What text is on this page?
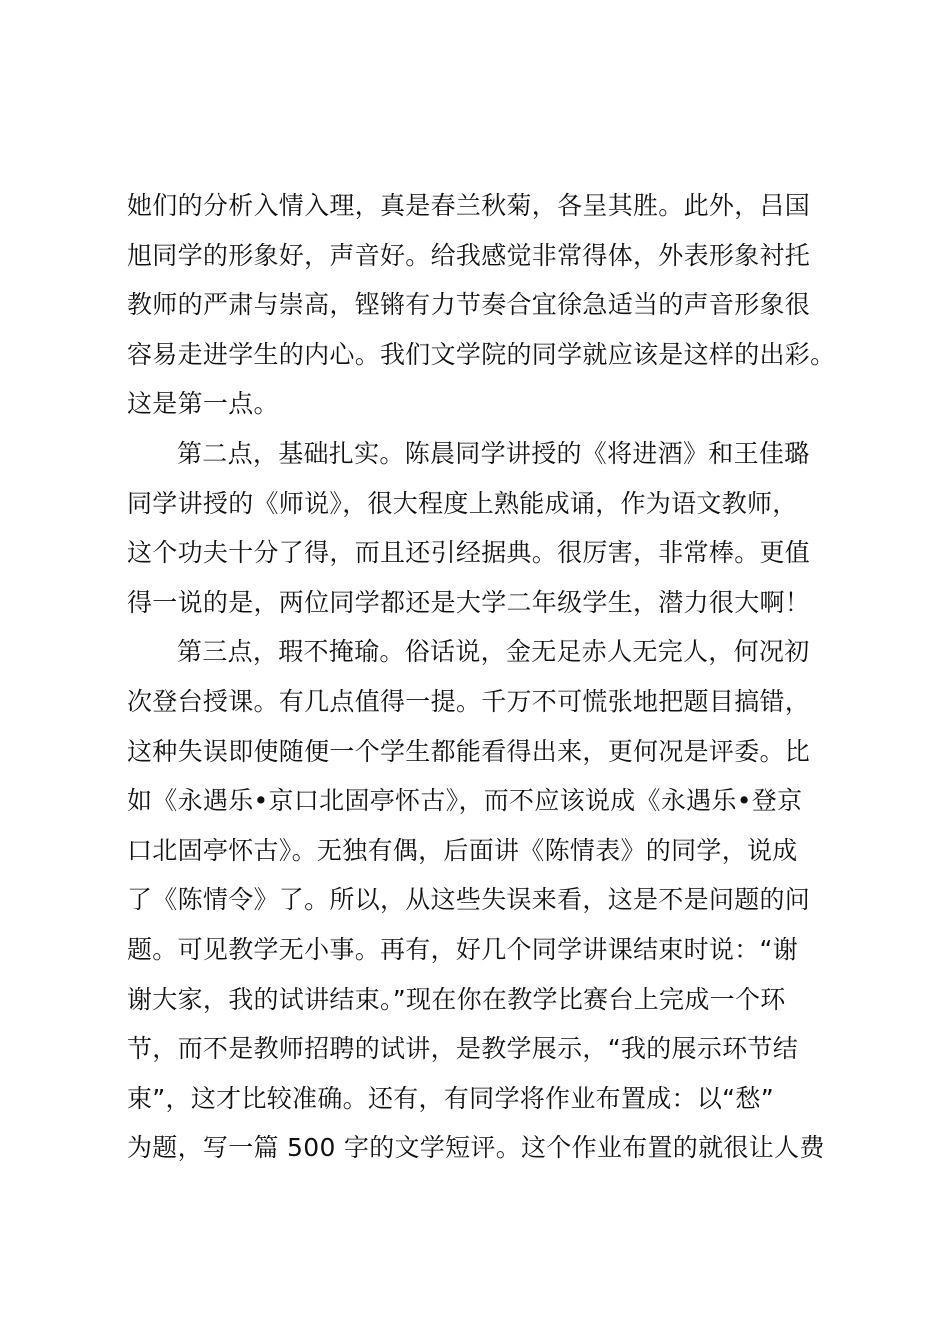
她们的分析入情入理，真是春兰秋菊，各呈其胜。此外，吕国
旭同学的形象好，声音好。给我感觉非常得体，外表形象衬托
教师的严肃与崇高，铿锵有力节奏合宜徐急适当的声音形象很
容易走进学生的内心。我们文学院的同学就应该是这样的出彩。
这是第一点。
第二点，基础扎实。陈晨同学讲授的《将进酒》和王佳璐
同学讲授的《师说》，很大程度上熟能成诵，作为语文教师，
这个功夫十分了得，而且还引经据典。很厉害，非常棒。更值
得一说的是，两位同学都还是大学二年级学生，潜力很大啊！
第三点，瑕不掩瑜。俗话说，金无足赤人无完人，何况初
次登台授课。有几点值得一提。千万不可慌张地把题目搞错，
这种失误即使随便一个学生都能看得出来，更何况是评委。比
如《永遇乐•京口北固亭怀古》，而不应该说成《永遇乐•登京
口北固亭怀古》。无独有偶，后面讲《陈情表》的同学，说成
了《陈情令》了。所以，从这些失误来看，这是不是问题的问
题。可见教学无小事。再有，好几个同学讲课结束时说：“谢
谢大家，我的试讲结束。”现在你在教学比赛台上完成一个环
节，而不是教师招聘的试讲，是教学展示，“我的展示环节结
束”，这才比较准确。还有，有同学将作业布置成：以“愁”
为题，写一篇 500 字的文学短评。这个作业布置的就很让人费
